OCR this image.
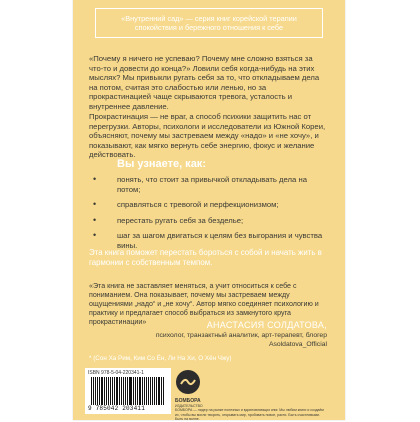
«Внутренний сад» — серия книг корейской терапии спокойствия и бережного отношения к себе

«Почему я ничего не успеваю? Почему мне сложно взяться за что-то и довести до конца?» Ловили себя когда-нибудь на этих мыслях? Мы привыкли ругать себя за то, что откладываем дела на потом, считая это слабостью или ленью, но за прокрастинацией чаще скрываются тревога, усталость и внутреннее давление.

Прокрастинация — не враг, а способ психики защитить нас от перегрузки. Авторы, психологи и исследователи из Южной Кореи, объясняют, почему мы застреваем между «надо» и «не хочу», и показывают, как мягко вернуть себе энергию, фокус и желание действовать.

Вы узнаете, как:
•	понять, что стоит за привычкой откладывать дела на потом;
•	справляться с тревогой и перфекционизмом;
•	перестать ругать себя за безделье;
•	шаг за шагом двигаться к целям без выгорания и чувства вины.

Эта книга поможет перестать бороться с собой и начать жить в гармонии с собственным темпом.

«Эта книга не заставляет меняться, а учит относиться к себе с пониманием. Она показывает, почему мы застреваем между ощущениями „надо“ и „не хочу“. Автор мягко соединяет психологию и практику и предлагает способ выбраться из замкнутого круга прокрастинации»	АНАСТАСИЯ СОЛДАТОВА,
психолог, транзактный аналитик, арт-терапевт, блогер
Asoldatova_Official
* (Сон Ха Рим, Ким Со Ён, Ли На Хи, О Хён Чжу)
ISBN 978-5-04-220341-1
9 785042 203411
БОМБОРА
ИЗДАТЕЛЬСТВО
БОМБОРА — лидер на рынке полезных и вдохновляющих книг. Мы любим книги и создаём их, чтобы вы могли творить, открывать мир, пробовать новое, расти. Быть счастливыми. Быть на волне.
